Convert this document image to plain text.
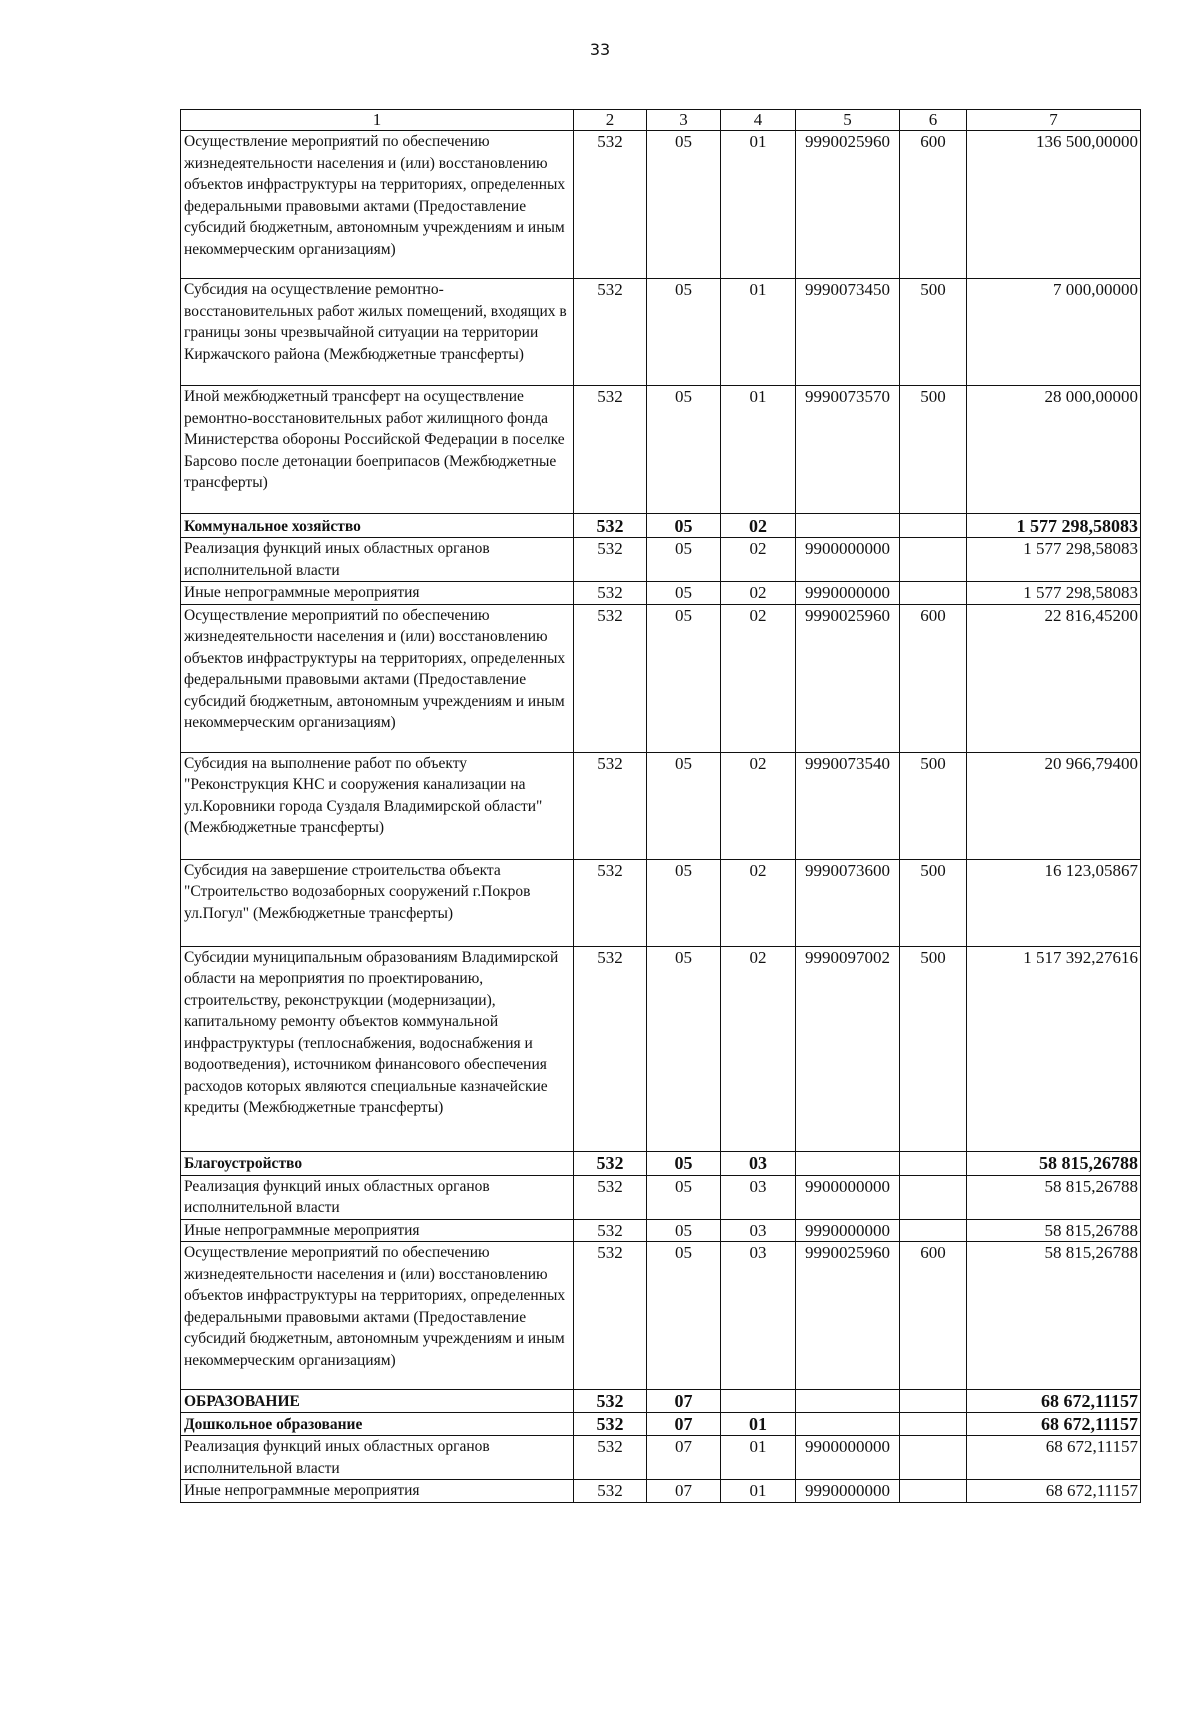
33
1	2	3	4	5	6	7
Осуществление мероприятий по обеспечению жизнедеятельности населения и (или) восстановлению объектов инфраструктуры на территориях, определенных федеральными правовыми актами (Предоставление субсидий бюджетным, автономным учреждениям и иным некоммерческим организациям)	532	05	01	9990025960	600	136 500,00000
Субсидия на осуществление ремонтно-восстановительных работ жилых помещений, входящих в границы зоны чрезвычайной ситуации на территории Киржачского района (Межбюджетные трансферты)	532	05	01	9990073450	500	7 000,00000
Иной межбюджетный трансферт на осуществление ремонтно-восстановительных работ жилищного фонда Министерства обороны Российской Федерации в поселке Барсово после детонации боеприпасов (Межбюджетные трансферты)	532	05	01	9990073570	500	28 000,00000
Коммунальное хозяйство	532	05	02			1 577 298,58083
Реализация функций иных областных органов исполнительной власти	532	05	02	9900000000		1 577 298,58083
Иные непрограммные мероприятия	532	05	02	9990000000		1 577 298,58083
Осуществление мероприятий по обеспечению жизнедеятельности населения и (или) восстановлению объектов инфраструктуры на территориях, определенных федеральными правовыми актами (Предоставление субсидий бюджетным, автономным учреждениям и иным некоммерческим организациям)	532	05	02	9990025960	600	22 816,45200
Субсидия на выполнение работ по объекту "Реконструкция КНС и сооружения канализации на ул.Коровники города Суздаля Владимирской области" (Межбюджетные трансферты)	532	05	02	9990073540	500	20 966,79400
Субсидия на завершение строительства объекта "Строительство водозаборных сооружений г.Покров ул.Погул" (Межбюджетные трансферты)	532	05	02	9990073600	500	16 123,05867
Субсидии муниципальным образованиям Владимирской области на мероприятия по проектированию, строительству, реконструкции (модернизации), капитальному ремонту объектов коммунальной инфраструктуры (теплоснабжения, водоснабжения и водоотведения), источником финансового обеспечения расходов которых являются специальные казначейские кредиты (Межбюджетные трансферты)	532	05	02	9990097002	500	1 517 392,27616
Благоустройство	532	05	03			58 815,26788
Реализация функций иных областных органов исполнительной власти	532	05	03	9900000000		58 815,26788
Иные непрограммные мероприятия	532	05	03	9990000000		58 815,26788
Осуществление мероприятий по обеспечению жизнедеятельности населения и (или) восстановлению объектов инфраструктуры на территориях, определенных федеральными правовыми актами (Предоставление субсидий бюджетным, автономным учреждениям и иным некоммерческим организациям)	532	05	03	9990025960	600	58 815,26788
ОБРАЗОВАНИЕ	532	07				68 672,11157
Дошкольное образование	532	07	01			68 672,11157
Реализация функций иных областных органов исполнительной власти	532	07	01	9900000000		68 672,11157
Иные непрограммные мероприятия	532	07	01	9990000000		68 672,11157
